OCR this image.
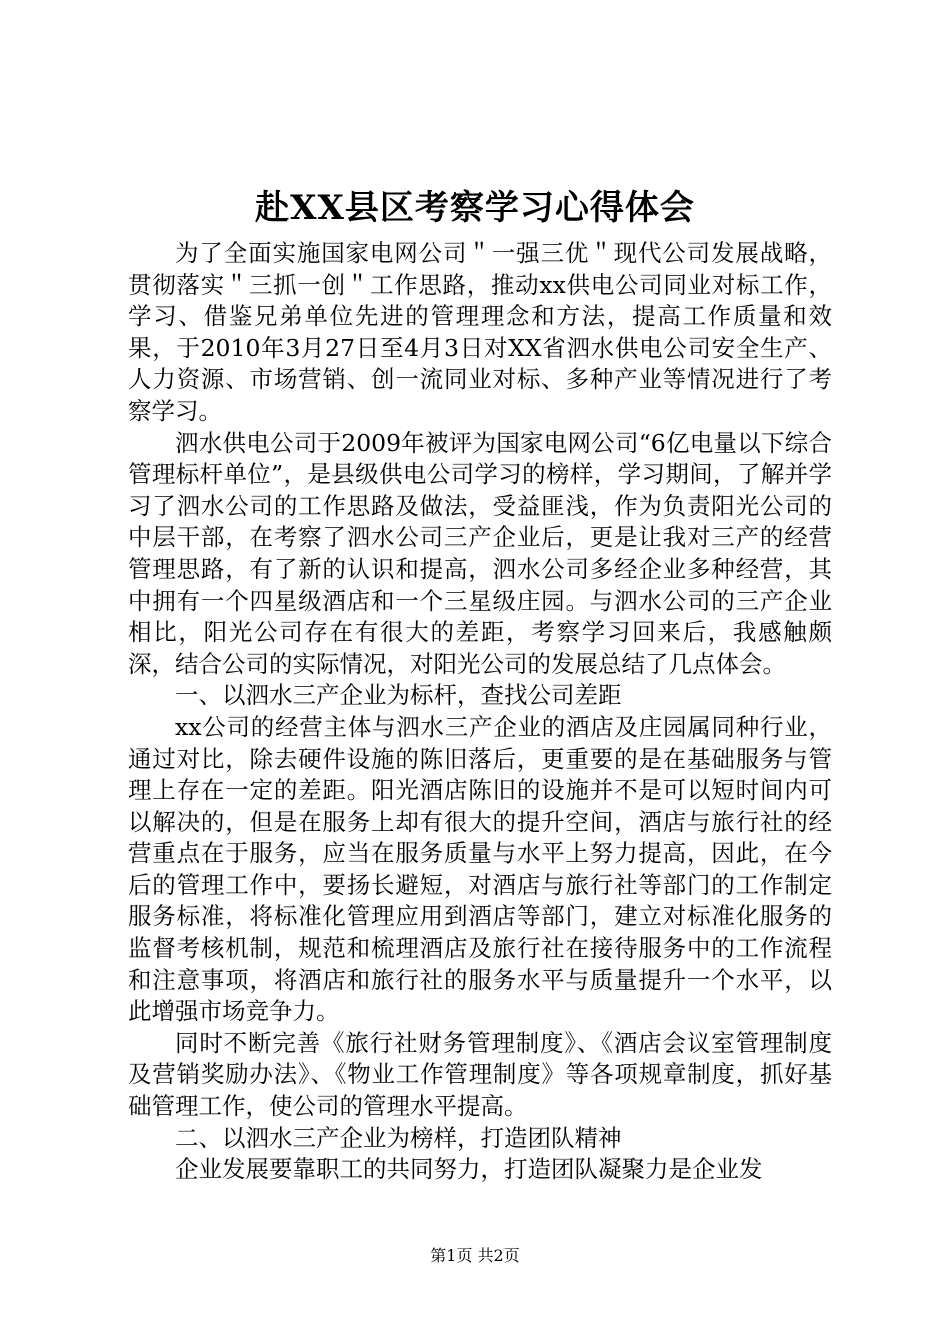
赴XX县区考察学习心得体会

为了全面实施国家电网公司＂一强三优＂现代公司发展战略，贯彻落实＂三抓一创＂工作思路，推动xx供电公司同业对标工作，学习、借鉴兄弟单位先进的管理理念和方法，提高工作质量和效果，于2010年3月27日至4月3日对XX省泗水供电公司安全生产、人力资源、市场营销、创一流同业对标、多种产业等情况进行了考察学习。

泗水供电公司于2009年被评为国家电网公司“6亿电量以下综合管理标杆单位”，是县级供电公司学习的榜样，学习期间，了解并学习了泗水公司的工作思路及做法，受益匪浅，作为负责阳光公司的中层干部，在考察了泗水公司三产企业后，更是让我对三产的经营管理思路，有了新的认识和提高，泗水公司多经企业多种经营，其中拥有一个四星级酒店和一个三星级庄园。与泗水公司的三产企业相比，阳光公司存在有很大的差距，考察学习回来后，我感触颇深，结合公司的实际情况，对阳光公司的发展总结了几点体会。

一、以泗水三产企业为标杆，查找公司差距

xx公司的经营主体与泗水三产企业的酒店及庄园属同种行业，通过对比，除去硬件设施的陈旧落后，更重要的是在基础服务与管理上存在一定的差距。阳光酒店陈旧的设施并不是可以短时间内可以解决的，但是在服务上却有很大的提升空间，酒店与旅行社的经营重点在于服务，应当在服务质量与水平上努力提高，因此，在今后的管理工作中，要扬长避短，对酒店与旅行社等部门的工作制定服务标准，将标准化管理应用到酒店等部门，建立对标准化服务的监督考核机制，规范和梳理酒店及旅行社在接待服务中的工作流程和注意事项，将酒店和旅行社的服务水平与质量提升一个水平，以此增强市场竞争力。

同时不断完善《旅行社财务管理制度》、《酒店会议室管理制度及营销奖励办法》、《物业工作管理制度》等各项规章制度，抓好基础管理工作，使公司的管理水平提高。

二、以泗水三产企业为榜样，打造团队精神

企业发展要靠职工的共同努力，打造团队凝聚力是企业发

第1页 共2页
